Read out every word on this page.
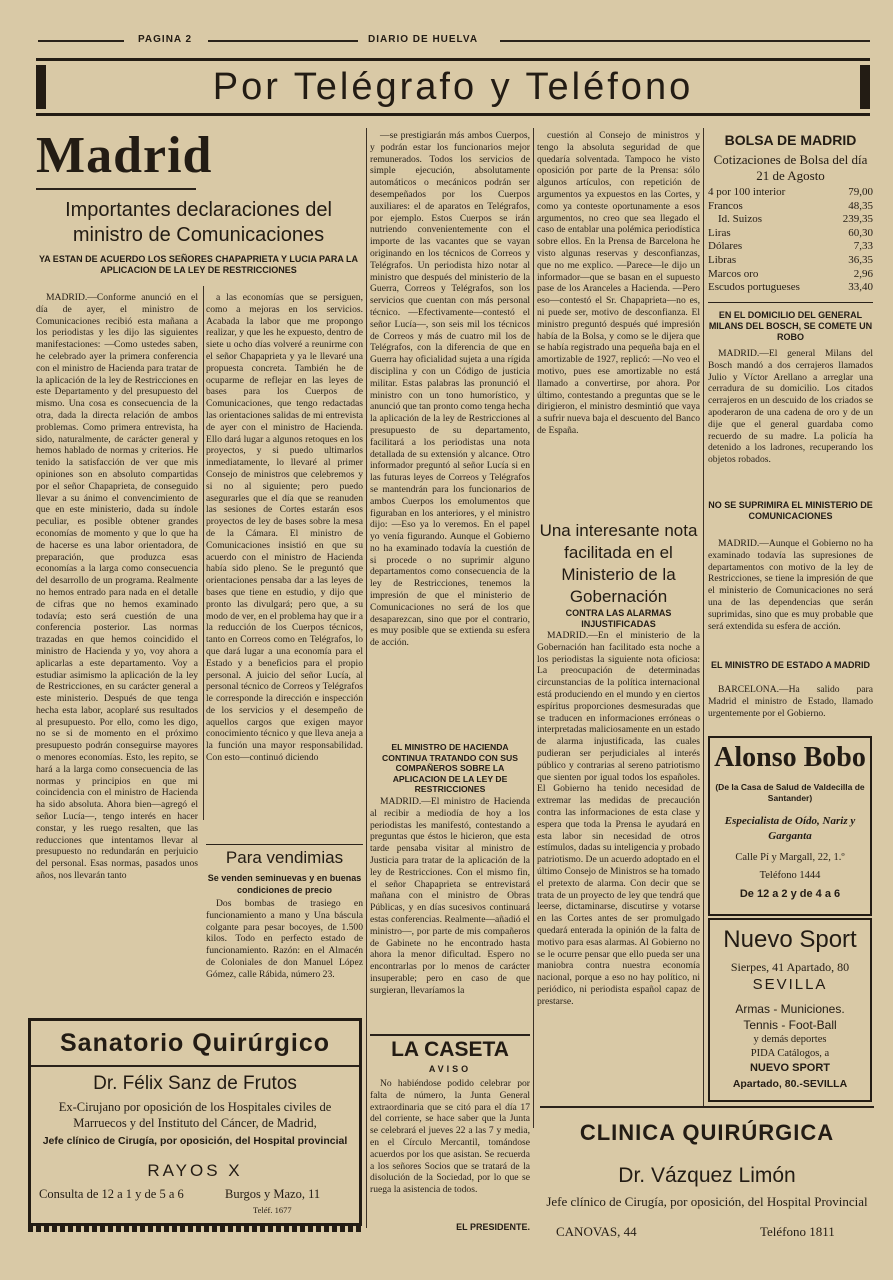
PAGINA 2	DIARIO DE HUELVA
Por Telégrafo y Teléfono
Madrid
Importantes declaraciones del ministro de Comunicaciones
YA ESTAN DE ACUERDO LOS SEÑORES CHAPAPRIETA Y LUCIA PARA LA APLICACION DE LA LEY DE RESTRICCIONES

MADRID.—Conforme anunció en el día de ayer, el ministro de Comunicaciones recibió esta mañana a los periodistas y les dijo las siguientes manifestaciones: —Como ustedes saben, he celebrado ayer la primera conferencia con el ministro de Hacienda para tratar de la aplicación de la ley de Restricciones en este Departamento y del presupuesto del mismo. Una cosa es consecuencia de la otra, dada la directa relación de ambos problemas. Como primera entrevista, ha sido, naturalmente, de carácter general y hemos hablado de normas y criterios. He tenido la satisfacción de ver que mis opiniones son en absoluto compartidas por el señor Chapaprieta, de conseguido llevar a su ánimo el convencimiento de que en este ministerio, dada su índole peculiar, es posible obtener grandes economías de momento y que lo que ha de hacerse es una labor orientadora, de preparación, que produzca esas economías a la larga como consecuencia del desarrollo de un programa. Realmente no hemos entrado para nada en el detalle de cifras que no hemos examinado todavía; esto será cuestión de una conferencia posterior. Las normas trazadas en que hemos coincidido el ministro de Hacienda y yo, voy ahora a aplicarlas a este departamento. Voy a estudiar asimismo la aplicación de la ley de Restricciones, en su carácter general a este ministerio. Después de que tenga hecha esta labor, acoplaré sus resultados al presupuesto. Por ello, como les digo, no se si de momento en el próximo presupuesto podrán conseguirse mayores o menores economías. Esto, les repito, se hará a la larga como consecuencia de las normas y principios en que mi coincidencia con el ministro de Hacienda ha sido absoluta. Ahora bien—agregó el señor Lucía—, tengo interés en hacer constar, y les ruego resalten, que las reducciones que intentamos llevar al presupuesto no redundarán en perjuicio del personal. Esas normas, pasados unos años, nos llevarán tanto

a las economías que se persiguen, como a mejoras en los servicios. Acabada la labor que me propongo realizar, y que les he expuesto, dentro de siete u ocho días volveré a reunirme con el señor Chapaprieta y ya le llevaré una propuesta concreta. También he de ocuparme de reflejar en las leyes de bases para los Cuerpos de Comunicaciones, que tengo redactadas las orientaciones salidas de mi entrevista de ayer con el ministro de Hacienda. Ello dará lugar a algunos retoques en los proyectos, y si puedo ultimarlos inmediatamente, lo llevaré al primer Consejo de ministros que celebremos y si no al siguiente; pero puedo asegurarles que el día que se reanuden las sesiones de Cortes estarán esos proyectos de ley de bases sobre la mesa de la Cámara. El ministro de Comunicaciones insistió en que su acuerdo con el ministro de Hacienda había sido pleno. Se le preguntó que orientaciones pensaba dar a las leyes de bases que tiene en estudio, y dijo que pronto las divulgará; pero que, a su modo de ver, en el problema hay que ir a la reducción de los Cuerpos técnicos, tanto en Correos como en Telégrafos, lo que dará lugar a una economía para el Estado y a beneficios para el propio personal. A juicio del señor Lucía, al personal técnico de Correos y Telégrafos le corresponde la dirección e inspección de los servicios y el desempeño de aquellos cargos que exigen mayor conocimiento técnico y que lleva aneja a la función una mayor responsabilidad. Con esto—continuó diciendo

—se prestigiarán más ambos Cuerpos, y podrán estar los funcionarios mejor remunerados. Todos los servicios de simple ejecución, absolutamente automáticos o mecánicos podrán ser desempeñados por los Cuerpos auxiliares: el de aparatos en Telégrafos, por ejemplo. Estos Cuerpos se irán nutriendo convenientemente con el importe de las vacantes que se vayan originando en los técnicos de Correos y Telégrafos. Un periodista hizo notar al ministro que después del ministerio de la Guerra, Correos y Telégrafos, son los servicios que cuentan con más personal técnico. —Efectivamente—contestó el señor Lucía—, son seis mil los técnicos de Correos y más de cuatro mil los de Telégrafos, con la diferencia de que en Guerra hay oficialidad sujeta a una rígida disciplina y con un Código de justicia militar. Estas palabras las pronunció el ministro con un tono humorístico, y anunció que tan pronto como tenga hecha la aplicación de la ley de Restricciones al presupuesto de su departamento, facilitará a los periodistas una nota detallada de su extensión y alcance. Otro informador preguntó al señor Lucía si en las futuras leyes de Correos y Telégrafos se mantendrán para los funcionarios de ambos Cuerpos los emolumentos que figuraban en los anteriores, y el ministro dijo: —Eso ya lo veremos. En el papel yo venía figurando. Aunque el Gobierno no ha examinado todavía la cuestión de si procede o no suprimir alguno departamentos como consecuencia de la ley de Restricciones, tenemos la impresión de que el ministerio de Comunicaciones no será de los que desaparezcan, sino que por el contrario, es muy posible que se extienda su esfera de acción.

cuestión al Consejo de ministros y tengo la absoluta seguridad de que quedaría solventada. Tampoco he visto oposición por parte de la Prensa: sólo algunos artículos, con repetición de argumentos ya expuestos en las Cortes, y como ya conteste oportunamente a esos argumentos, no creo que sea llegado el caso de entablar una polémica periodística sobre ellos. En la Prensa de Barcelona he visto algunas reservas y desconfianzas, que no me explico. —Parece—le dijo un informador—que se basan en el supuesto pase de los Aranceles a Hacienda. —Pero eso—contestó el Sr. Chapaprieta—no es, ni puede ser, motivo de desconfianza. El ministro preguntó después qué impresión había de la Bolsa, y como se le dijera que se había registrado una pequeña baja en el amortizable de 1927, replicó: —No veo el motivo, pues ese amortizable no está llamado a convertirse, por ahora. Por último, contestando a preguntas que se le dirigieron, el ministro desmintió que vaya a sufrir nueva baja el descuento del Banco de España.

Para vendimias
Se venden seminuevas y en buenas condiciones de precio

Dos bombas de trasiego en funcionamiento a mano y Una báscula colgante para pesar bocoyes, de 1.500 kilos. Todo en perfecto estado de funcionamiento. Razón: en el Almacén de Coloniales de don Manuel López Gómez, calle Rábida, número 23.

EL MINISTRO DE HACIENDA CONTINUA TRATANDO CON SUS COMPAÑEROS SOBRE LA APLICACION DE LA LEY DE RESTRICCIONES

MADRID.—El ministro de Hacienda al recibir a mediodía de hoy a los periodistas les manifestó, contestando a preguntas que éstos le hicieron, que esta tarde pensaba visitar al ministro de Justicia para tratar de la aplicación de la ley de Restricciones. Con el mismo fin, el señor Chapaprieta se entrevistará mañana con el ministro de Obras Públicas, y en días sucesivos continuará estas conferencias. Realmente—añadió el ministro—, por parte de mis compañeros de Gabinete no he encontrado hasta ahora la menor dificultad. Espero no encontrarlas por lo menos de carácter insuperable; pero en caso de que surgieran, llevaríamos la

LA CASETA
AVISO

No habiéndose podido celebrar por falta de número, la Junta General extraordinaria que se citó para el día 17 del corriente, se hace saber que la Junta se celebrará el jueves 22 a las 7 y media, en el Círculo Mercantil, tomándose acuerdos por los que asistan. Se recuerda a los señores Socios que se tratará de la disolución de la Sociedad, por lo que se ruega la asistencia de todos.

EL PRESIDENTE.
Una interesante nota facilitada en el Ministerio de la Gobernación
CONTRA LAS ALARMAS INJUSTIFICADAS

MADRID.—En el ministerio de la Gobernación han facilitado esta noche a los periodistas la siguiente nota oficiosa: La preocupación de determinadas circunstancias de la política internacional está produciendo en el mundo y en ciertos espíritus proporciones desmesuradas que se traducen en informaciones erróneas o interpretadas maliciosamente en un estado de alarma injustificada, las cuales pudieran ser perjudiciales al interés público y contrarias al sereno patriotismo que sienten por igual todos los españoles. El Gobierno ha tenido necesidad de extremar las medidas de precaución contra las informaciones de esta clase y espera que toda la Prensa le ayudará en esta labor sin necesidad de otros estímulos, dadas su inteligencia y probado patriotismo. De un acuerdo adoptado en el último Consejo de Ministros se ha tomado el pretexto de alarma. Con decir que se trata de un proyecto de ley que tendrá que leerse, dictaminarse, discutirse y votarse en las Cortes antes de ser promulgado quedará enterada la opinión de la falta de motivo para esas alarmas. Al Gobierno no se le ocurre pensar que ello pueda ser una maniobra contra nuestra economía nacional, porque a eso no hay político, ni periódico, ni periodista español capaz de prestarse.

BOLSA DE MADRID
Cotizaciones de Bolsa del día 21 de Agosto
4 por 100 interior	79,00
Francos	48,35
Id. Suizos	239,35
Liras	60,30
Dólares	7,33
Libras	36,35
Marcos oro	2,96
Escudos portugueses	33,40
EN EL DOMICILIO DEL GENERAL MILANS DEL BOSCH, SE COMETE UN ROBO

MADRID.—El general Milans del Bosch mandó a dos cerrajeros llamados Julio y Víctor Arellano a arreglar una cerradura de su domicilio. Los citados cerrajeros en un descuido de los criados se apoderaron de una cadena de oro y de un dije que el general guardaba como recuerdo de su madre. La policía ha detenido a los ladrones, recuperando los objetos robados.

NO SE SUPRIMIRA EL MINISTERIO DE COMUNICACIONES

MADRID.—Aunque el Gobierno no ha examinado todavía las supresiones de departamentos con motivo de la ley de Restricciones, se tiene la impresión de que el ministerio de Comunicaciones no será una de las dependencias que serán suprimidas, sino que es muy probable que será extendida su esfera de acción.

EL MINISTRO DE ESTADO A MADRID

BARCELONA.—Ha salido para Madrid el ministro de Estado, llamado urgentemente por el Gobierno.

Alonso Bobo
(De la Casa de Salud de Valdecilla de Santander)
Especialista de Oído, Nariz y Garganta
Calle Pí y Margall, 22, 1.º
Teléfono 1444
De 12 a 2 y de 4 a 6
Nuevo Sport
Sierpes, 41 Apartado, 80
SEVILLA
Armas - Municiones.
Tennis - Foot-Ball
y demás deportes
PIDA Catálogos, a
NUEVO SPORT
Apartado, 80.-SEVILLA
Sanatorio Quirúrgico
Dr. Félix Sanz de Frutos
Ex-Cirujano por oposición de los Hospitales civiles de Marruecos y del Instituto del Cáncer, de Madrid,
Jefe clínico de Cirugía, por oposición, del Hospital provincial
RAYOS X
Consulta de 12 a 1 y de 5 a 6	Burgos y Mazo, 11
Teléf. 1677
CLINICA QUIRÚRGICA
Dr. Vázquez Limón
Jefe clínico de Cirugía, por oposición, del Hospital Provincial
CANOVAS, 44	Teléfono 1811
